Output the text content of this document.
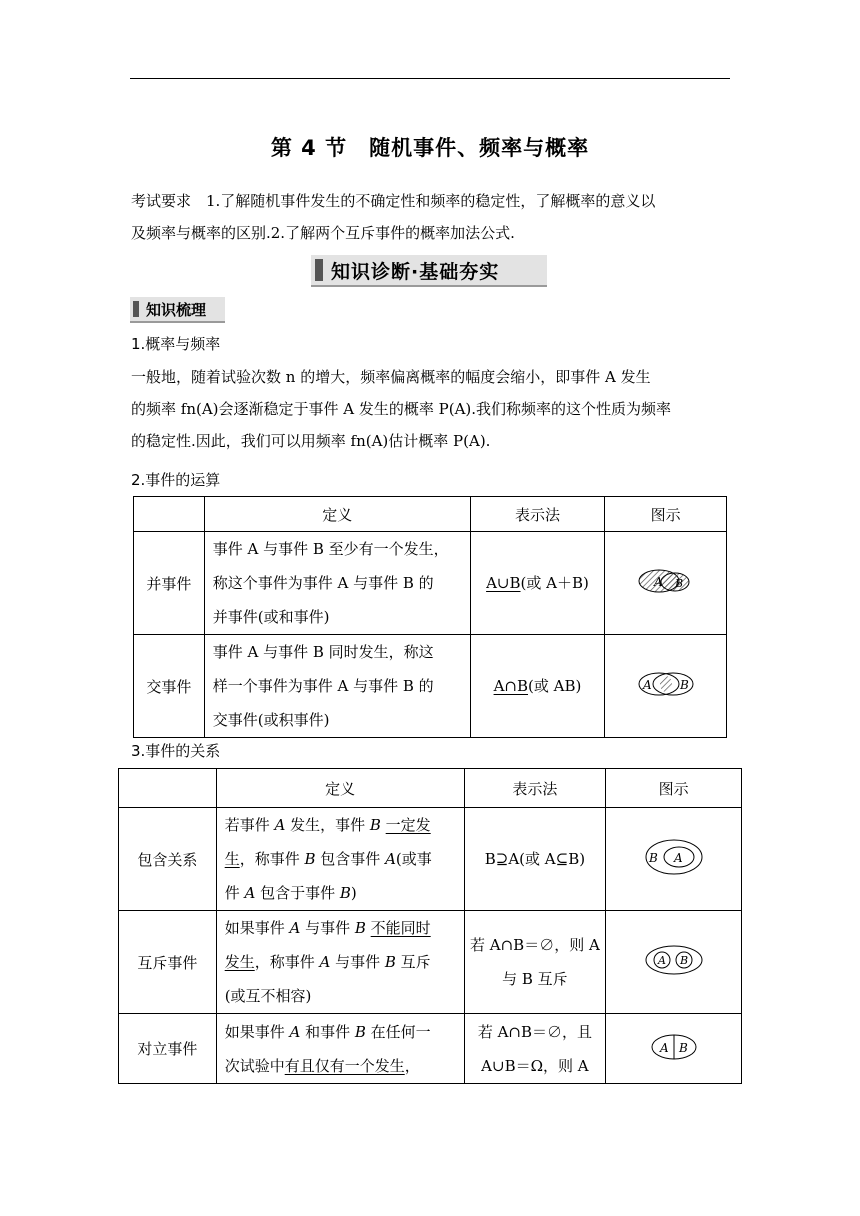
第 4 节　随机事件、频率与概率
考试要求　1.了解随机事件发生的不确定性和频率的稳定性，了解概率的意义以
及频率与概率的区别.2.了解两个互斥事件的概率加法公式.
知识诊断·基础夯实
知识梳理
1.概率与频率
一般地，随着试验次数 n 的增大，频率偏离概率的幅度会缩小，即事件 A 发生
的频率 fn(A)会逐渐稳定于事件 A 发生的概率 P(A).我们称频率的这个性质为频率
的稳定性.因此，我们可以用频率 fn(A)估计概率 P(A).
2.事件的运算
	定义	表示法	图示
并事件	事件 A 与事件 B 至少有一个发生，
称这个事件为事件 A 与事件 B 的
并事件(或和事件)	A∪B(或 A＋B)	A B

交事件	事件 A 与事件 B 同时发生，称这
样一个事件为事件 A 与事件 B 的
交事件(或积事件)	A∩B(或 AB)	A B
3.事件的关系
	定义	表示法	图示
包含关系	若事件 A 发生，事件 B 一定发
生，称事件 B 包含事件 A(或事
件 A 包含于事件 B)	B⊇A(或 A⊆B)	B A

互斥事件	如果事件 A 与事件 B 不能同时
发生，称事件 A 与事件 B 互斥
(或互不相容)	若 A∩B＝∅，则 A
与 B 互斥	A B

对立事件	如果事件 A 和事件 B 在任何一
次试验中有且仅有一个发生，	若 A∩B＝∅，且
A∪B＝Ω，则 A	A B
